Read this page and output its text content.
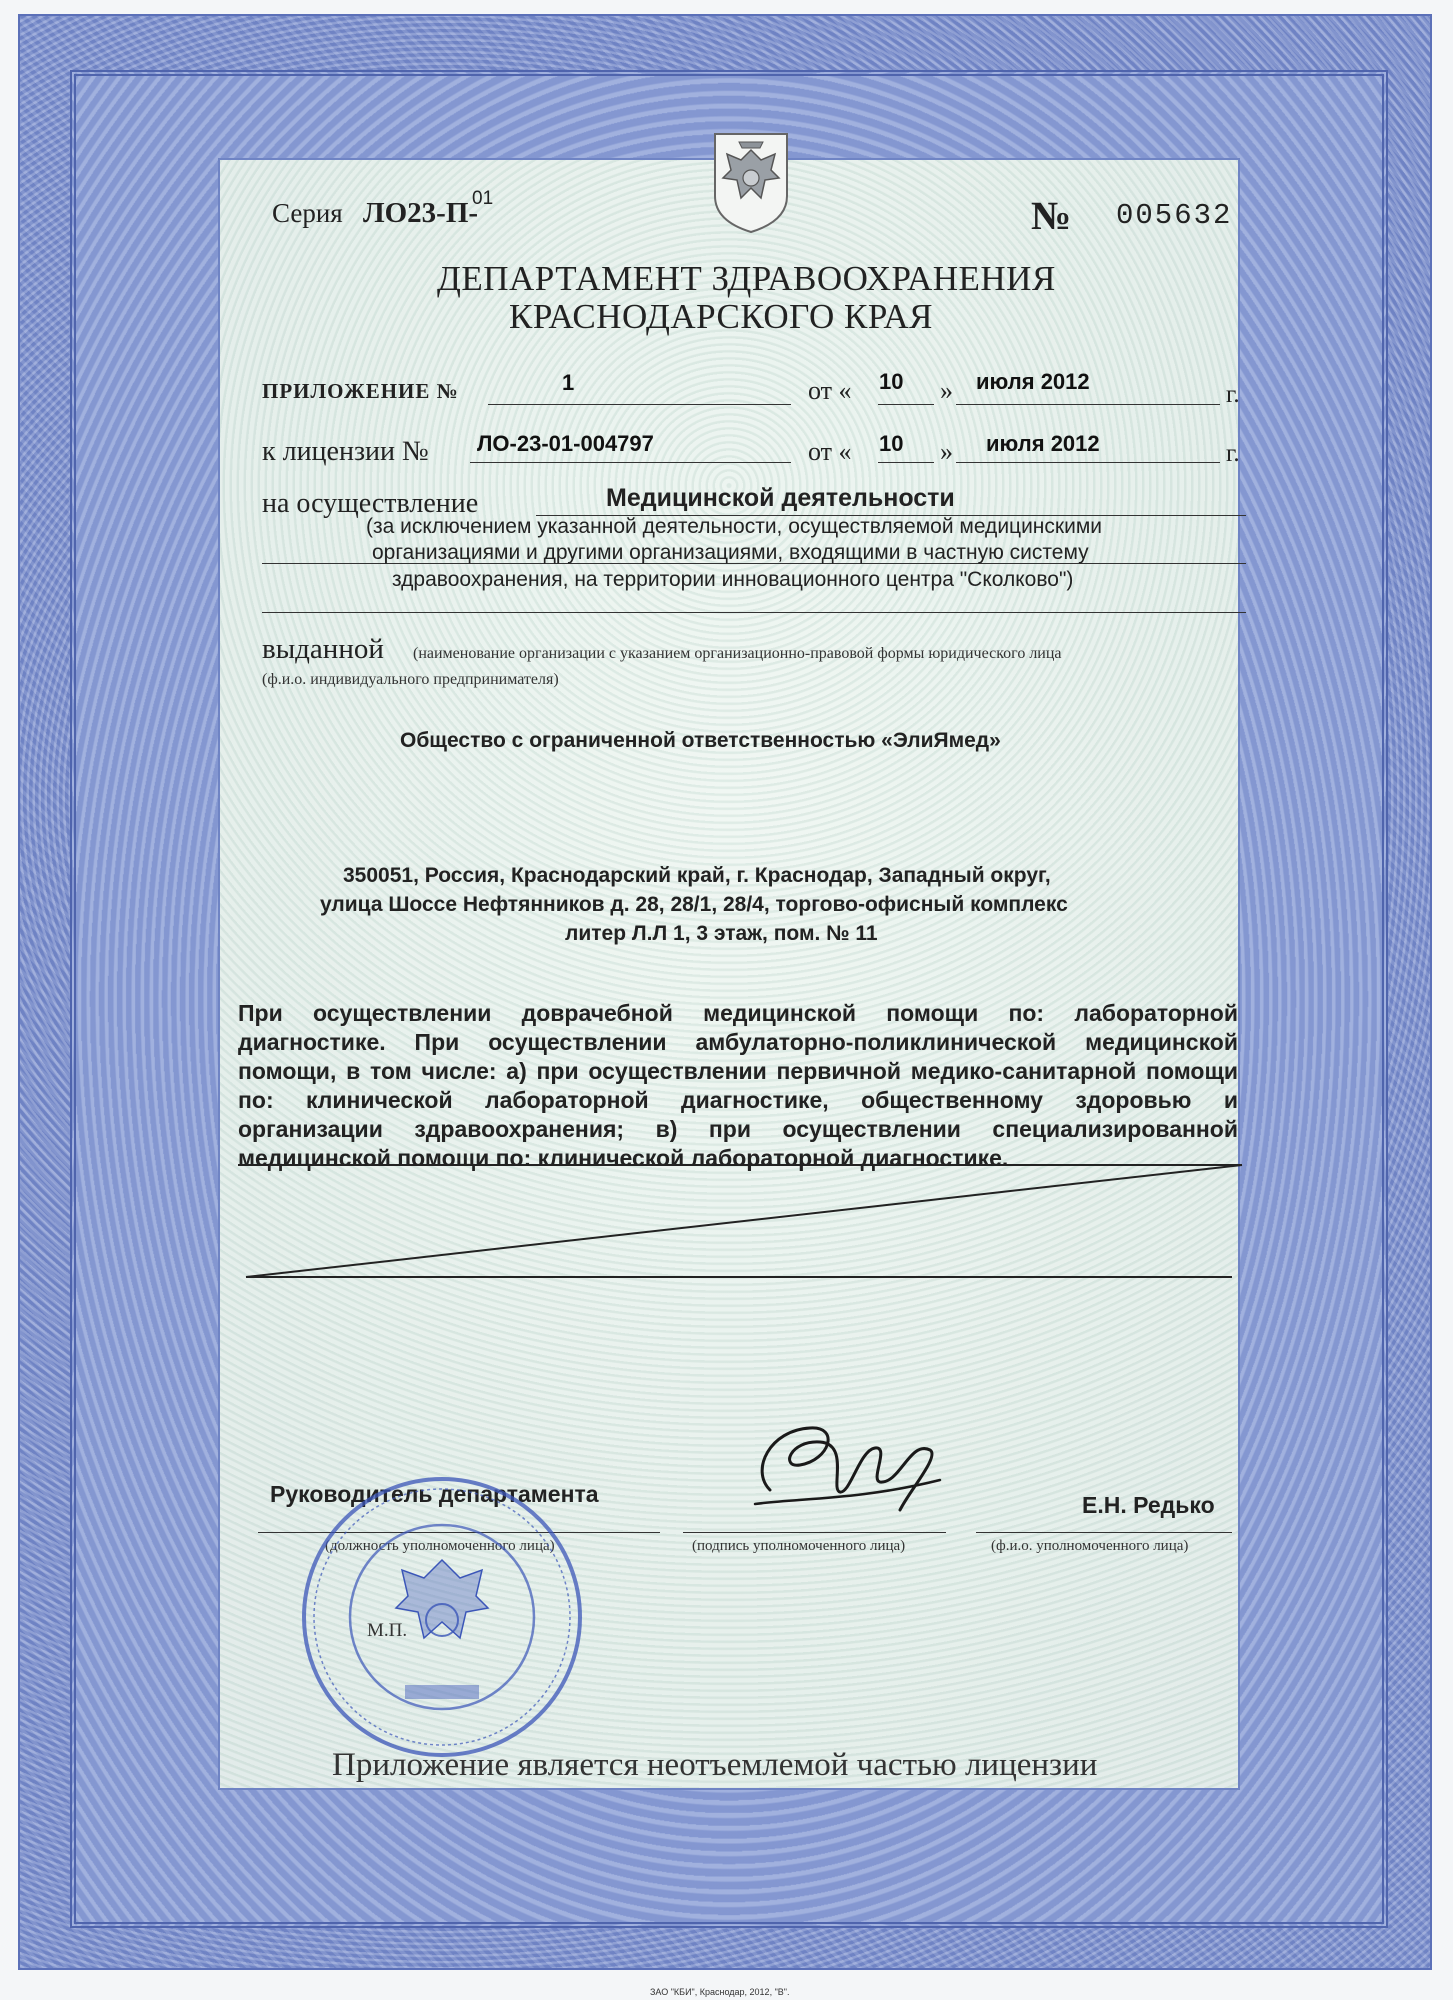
Серия ЛО23-П-
01	№ 005632
ДЕПАРТАМЕНТ ЗДРАВООХРАНЕНИЯ
КРАСНОДАРСКОГО КРАЯ
ПРИЛОЖЕНИЕ №	1	от « 10 » июля 2012	г.
к лицензии № ЛО-23-01-004797	от « 10 » июля 2012	г.
на осуществление	Медицинской деятельности
(за исключением указанной деятельности, осуществляемой медицинскими
организациями и другими организациями, входящими в частную систему
здравоохранения, на территории инновационного центра "Сколково")
выданной (наименование организации с указанием организационно-правовой формы юридического лица
(ф.и.о. индивидуального предпринимателя)
Общество с ограниченной ответственностью «ЭлиЯмед»
350051, Россия, Краснодарский край, г. Краснодар, Западный округ,
улица Шоссе Нефтянников д. 28, 28/1, 28/4, торгово-офисный комплекс
литер Л.Л 1, 3 этаж, пом. № 11
При осуществлении доврачебной медицинской помощи по: лабораторной
диагностике. При осуществлении амбулаторно-поликлинической медицинской
помощи, в том числе: а) при осуществлении первичной медико-санитарной помощи
по: клинической лабораторной диагностике, общественному здоровью и
организации здравоохранения; в) при осуществлении специализированной
медицинской помощи по: клинической лабораторной диагностике.
Руководитель департамента
(должность уполномоченного лица)	(подпись уполномоченного лица)
Е.Н. Редько
(ф.и.о. уполномоченного лица)
М.П.
Приложение является неотъемлемой частью лицензии
ЗАО "КБИ", Краснодар, 2012, "В".
